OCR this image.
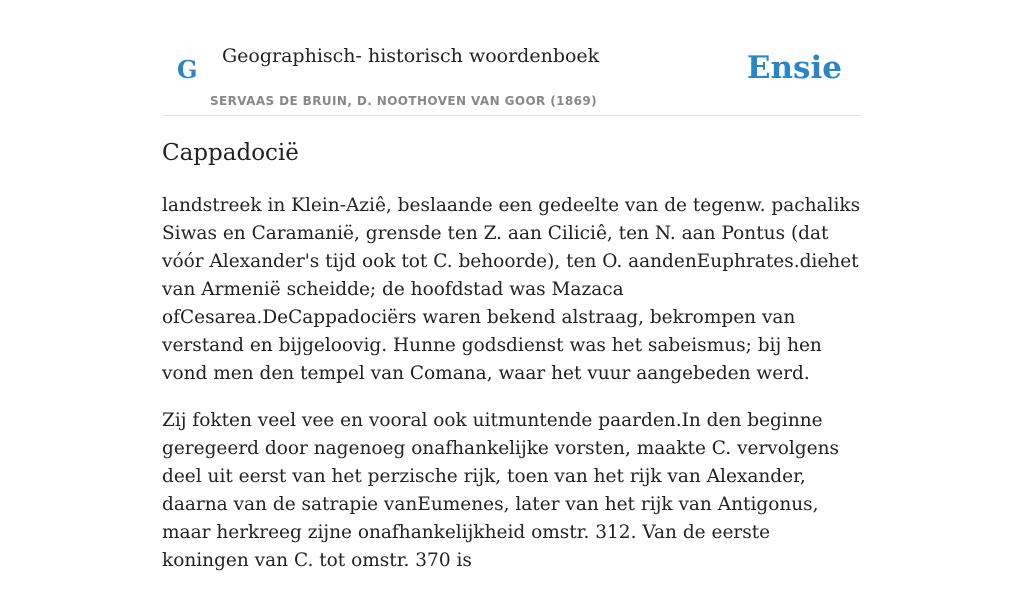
G Geographisch- historisch woordenboek
SERVAAS DE BRUIN, D. NOOTHOVEN VAN GOOR (1869)
Ensie
Cappadocië

landstreek in Klein-Aziê, beslaande een gedeelte van de tegenw. pachaliks Siwas en Caramanië, grensde ten Z. aan Ciliciê, ten N. aan Pontus (dat vóór Alexander's tijd ook tot C. behoorde), ten O. aandenEuphrates.diehet van Armenië scheidde; de hoofdstad was Mazaca ofCesarea.DeCappadociërs waren bekend alstraag, bekrompen van verstand en bijgeloovig. Hunne godsdienst was het sabeismus; bij hen vond men den tempel van Comana, waar het vuur aangebeden werd.

Zij fokten veel vee en vooral ook uitmuntende paarden.In den beginne geregeerd door nagenoeg onafhankelijke vorsten, maakte C. vervolgens deel uit eerst van het perzische rijk, toen van het rijk van Alexander, daarna van de satrapie vanEumenes, later van het rijk van Antigonus, maar herkreeg zijne onafhankelijkheid omstr. 312. Van de eerste koningen van C. tot omstr. 370 is
